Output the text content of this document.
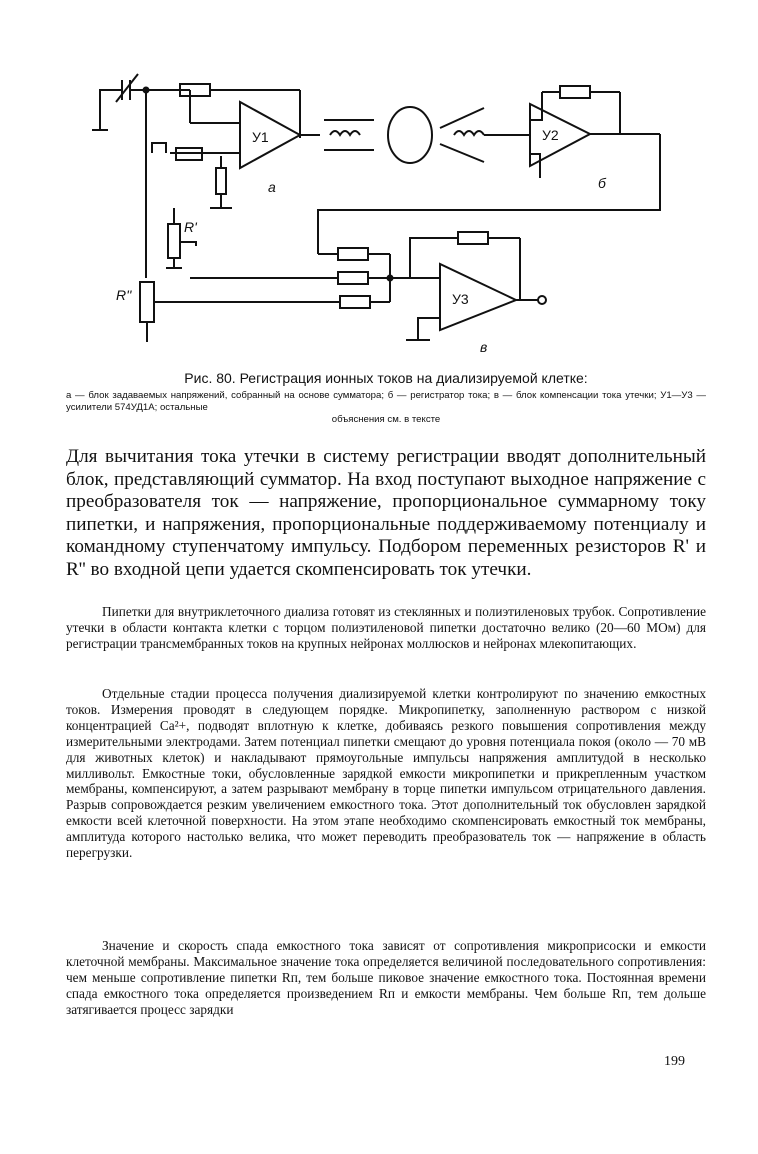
У1	У2
У3
а	б
в
R'
R''
Рис. 80. Регистрация ионных токов на диализируемой клетке:
а — блок задаваемых напряжений, собранный на основе сумматора; б — регистратор тока; в — блок компенсации тока утечки; У1—У3 — усилители 574УД1А; остальные
объяснения см. в тексте
Для вычитания тока утечки в систему регистрации вводят дополнительный блок, представляющий сумматор. На вход поступают выходное напряжение с преобразователя ток — напряжение, пропорциональное суммарному току пипетки, и напряжения, пропорциональные поддерживаемому потенциалу и командному ступенчатому импульсу. Подбором переменных резисторов R' и R'' во входной цепи удается скомпенсировать ток утечки.

Пипетки для внутриклеточного диализа готовят из стеклянных и полиэтиленовых трубок. Сопротивление утечки в области контакта клетки с торцом полиэтиленовой пипетки достаточно велико (20—60 МОм) для регистрации трансмембранных токов на крупных нейронах моллюсков и нейронах млекопитающих.

Отдельные стадии процесса получения диализируемой клетки контролируют по значению емкостных токов. Измерения проводят в следующем порядке. Микропипетку, заполненную раствором с низкой концентрацией Ca²+, подводят вплотную к клетке, добиваясь резкого повышения сопротивления между измерительными электродами. Затем потенциал пипетки смещают до уровня потенциала покоя (около — 70 мВ для животных клеток) и накладывают прямоугольные импульсы напряжения амплитудой в несколько милливольт. Емкостные токи, обусловленные зарядкой емкости микропипетки и прикрепленным участком мембраны, компенсируют, а затем разрывают мембрану в торце пипетки импульсом отрицательного давления. Разрыв сопровождается резким увеличением емкостного тока. Этот дополнительный ток обусловлен зарядкой емкости всей клеточной поверхности. На этом этапе необходимо скомпенсировать емкостный ток мембраны, амплитуда которого настолько велика, что может переводить преобразователь ток — напряжение в область перегрузки.

Значение и скорость спада емкостного тока зависят от сопротивления микроприсоски и емкости клеточной мембраны. Максимальное значение тока определяется величиной последовательного сопротивления: чем меньше сопротивление пипетки Rп, тем больше пиковое значение емкостного тока. Постоянная времени спада емкостного тока определяется произведением Rп и емкости мембраны. Чем больше Rп, тем дольше затягивается процесс зарядки

199
